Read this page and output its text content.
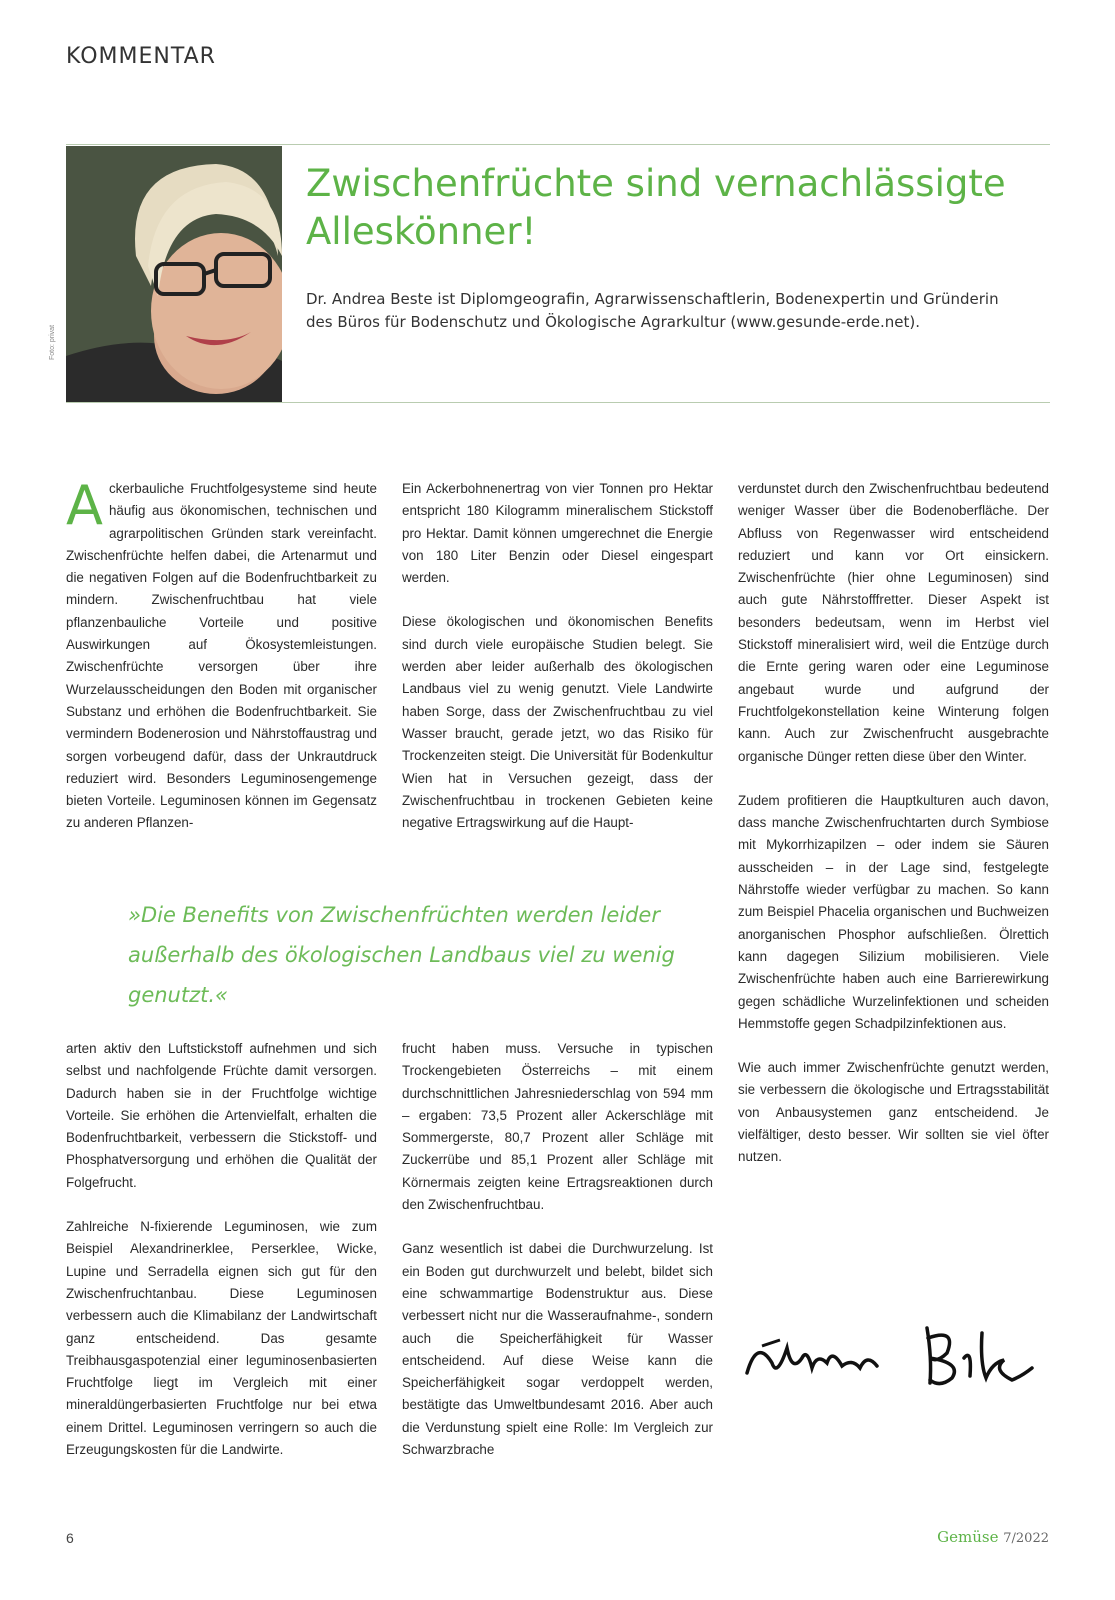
KOMMENTAR
Foto: privat
Zwischenfrüchte sind vernachlässigte Alleskönner!

Dr. Andrea Beste ist Diplomgeografin, Agrarwissenschaftlerin, Bodenexpertin und Gründerin des Büros für Bodenschutz und Ökologische Agrarkultur (www.gesunde-erde.net).

Ackerbauliche Fruchtfolgesysteme sind heute häufig aus ökonomischen, technischen und agrarpolitischen Gründen stark vereinfacht. Zwischenfrüchte helfen dabei, die Artenarmut und die negativen Folgen auf die Bodenfruchtbarkeit zu mindern. Zwischenfruchtbau hat viele pflanzenbauliche Vorteile und positive Auswirkungen auf Ökosystemleistungen. Zwischenfrüchte versorgen über ihre Wurzelausscheidungen den Boden mit organischer Substanz und erhöhen die Bodenfruchtbarkeit. Sie vermindern Bodenerosion und Nährstoffaustrag und sorgen vorbeugend dafür, dass der Unkrautdruck reduziert wird. Besonders Leguminosengemenge bieten Vorteile. Leguminosen können im Gegensatz zu anderen Pflanzen-

Ein Ackerbohnenertrag von vier Tonnen pro Hektar entspricht 180 Kilogramm mineralischem Stickstoff pro Hektar. Damit können umgerechnet die Energie von 180 Liter Benzin oder Diesel eingespart werden.

Diese ökologischen und ökonomischen Benefits sind durch viele europäische Studien belegt. Sie werden aber leider außerhalb des ökologischen Landbaus viel zu wenig genutzt. Viele Landwirte haben Sorge, dass der Zwischenfruchtbau zu viel Wasser braucht, gerade jetzt, wo das Risiko für Trockenzeiten steigt. Die Universität für Bodenkultur Wien hat in Versuchen gezeigt, dass der Zwischenfruchtbau in trockenen Gebieten keine negative Ertragswirkung auf die Haupt-

verdunstet durch den Zwischenfruchtbau bedeutend weniger Wasser über die Bodenoberfläche. Der Abfluss von Regenwasser wird entscheidend reduziert und kann vor Ort einsickern. Zwischenfrüchte (hier ohne Leguminosen) sind auch gute Nährstofffretter. Dieser Aspekt ist besonders bedeutsam, wenn im Herbst viel Stickstoff mineralisiert wird, weil die Entzüge durch die Ernte gering waren oder eine Leguminose angebaut wurde und aufgrund der Fruchtfolgekonstellation keine Winterung folgen kann. Auch zur Zwischenfrucht ausgebrachte organische Dünger retten diese über den Winter.

Zudem profitieren die Hauptkulturen auch davon, dass manche Zwischenfruchtarten durch Symbiose mit Mykorrhizapilzen – oder indem sie Säuren ausscheiden – in der Lage sind, festgelegte Nährstoffe wieder verfügbar zu machen. So kann zum Beispiel Phacelia organischen und Buchweizen anorganischen Phosphor aufschließen. Ölrettich kann dagegen Silizium mobilisieren. Viele Zwischenfrüchte haben auch eine Barrierewirkung gegen schädliche Wurzelinfektionen und scheiden Hemmstoffe gegen Schadpilzinfektionen aus.

Wie auch immer Zwischenfrüchte genutzt werden, sie verbessern die ökologische und Ertragsstabilität von Anbausystemen ganz entscheidend. Je vielfältiger, desto besser. Wir sollten sie viel öfter nutzen.

»Die Benefits von Zwischenfrüchten werden leider außerhalb des ökologischen Landbaus viel zu wenig genutzt.«

arten aktiv den Luftstickstoff aufnehmen und sich selbst und nachfolgende Früchte damit versorgen. Dadurch haben sie in der Fruchtfolge wichtige Vorteile. Sie erhöhen die Artenvielfalt, erhalten die Bodenfruchtbarkeit, verbessern die Stickstoff- und Phosphatversorgung und erhöhen die Qualität der Folgefrucht.

Zahlreiche N-fixierende Leguminosen, wie zum Beispiel Alexandrinerklee, Perserklee, Wicke, Lupine und Serradella eignen sich gut für den Zwischenfruchtanbau. Diese Leguminosen verbessern auch die Klimabilanz der Landwirtschaft ganz entscheidend. Das gesamte Treibhausgaspotenzial einer leguminosenbasierten Fruchtfolge liegt im Vergleich mit einer mineraldüngerbasierten Fruchtfolge nur bei etwa einem Drittel. Leguminosen verringern so auch die Erzeugungskosten für die Landwirte.

frucht haben muss. Versuche in typischen Trockengebieten Österreichs – mit einem durchschnittlichen Jahresniederschlag von 594 mm – ergaben: 73,5 Prozent aller Ackerschläge mit Sommergerste, 80,7 Prozent aller Schläge mit Zuckerrübe und 85,1 Prozent aller Schläge mit Körnermais zeigten keine Ertragsreaktionen durch den Zwischenfruchtbau.

Ganz wesentlich ist dabei die Durchwurzelung. Ist ein Boden gut durchwurzelt und belebt, bildet sich eine schwammartige Bodenstruktur aus. Diese verbessert nicht nur die Wasseraufnahme-, sondern auch die Speicherfähigkeit für Wasser entscheidend. Auf diese Weise kann die Speicherfähigkeit sogar verdoppelt werden, bestätigte das Umweltbundesamt 2016. Aber auch die Verdunstung spielt eine Rolle: Im Vergleich zur Schwarzbrache

6	Gemüse 7/2022
